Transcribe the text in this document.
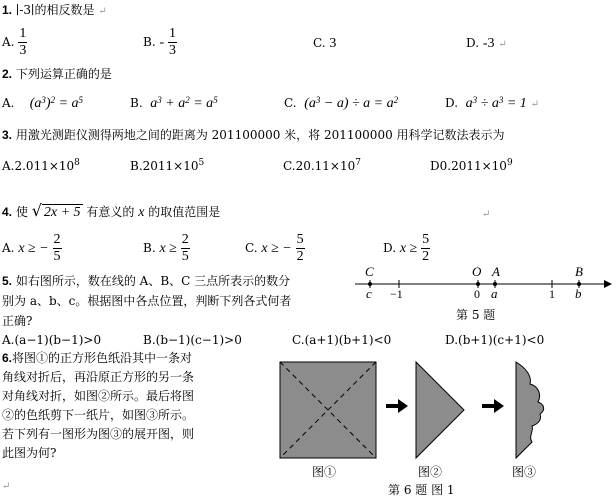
1. ∣-3∣的相反数是 ↵
A. $\frac{1}{3}$	B. - $\frac{1}{3}$	C. 3	D. -3 ↵
2. 下列运算正确的是
A. $(a^3)^2 = a^5$	B. $a^3 + a^2 = a^5$	C. $(a^3 - a) \div a = a^2$	D. $a^3 \div a^3 = 1$ ↵
3. 用激光测距仪测得两地之间的距离为 201100000 米，将 201100000 用科学记数法表示为
$A.2.011\times 10^8$	$B.2011\times 10^5$	$C.20.11\times 10^7$	$D0.2011\times 10^9$
4. 使 √ 2x + 5 有意义的 x 的取值范围是	↵
A. x ≥ − $\frac{2}{5}$	B. $x \ge \frac{2}{5}$	C. x ≥ − $\frac{5}{2}$	D. $x \ge \frac{5}{2}$
5. 如右图所示，数在线的 A、B、C 三点所表示的数分
别为 a、b、c。根据图中各点位置，判断下列各式何者
正确?
A.(a−1)(b−1)>0	B.(b−1)(c−1)>0	C.(a+1)(b+1)<0	D.(b+1)(c+1)<0
C	O A	B
c	a	b
−1	0	1
第 5 题
6.将图①的正方形色纸沿其中一条对
角线对折后，再沿原正方形的另一条
对角线对折，如图②所示。最后将图
②的色纸剪下一纸片，如图③所示。
若下列有一图形为图③的展开图，则
此图为何?
↵
图①	图②	图③
第 6 题 图 1
